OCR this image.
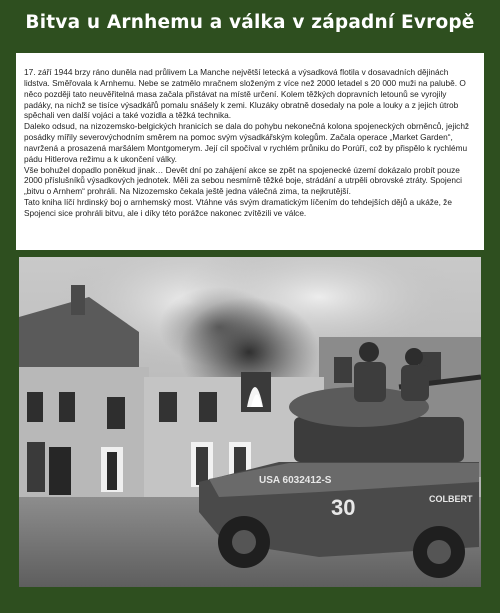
Bitva u Arnhemu a válka v západní Evropě

17. září 1944 brzy ráno duněla nad průlivem La Manche největší letecká a výsadková flotila v dosavadních dějinách lidstva. Směřovala k Arnhemu. Nebe se zatmělo mračnem složeným z více než 2000 letadel s 20 000 muži na palubě. O něco později tato neuvěřitelná masa začala přistávat na místě určení. Kolem těžkých dopravních letounů se vyrojily padáky, na nichž se tisíce výsadkářů pomalu snášely k zemi. Kluzáky obratně dosedaly na pole a louky a z jejich útrob spěchali ven další vojáci a také vozidla a těžká technika.

Daleko odsud, na nizozemsko-belgických hranicích se dala do pohybu nekonečná kolona spojeneckých obrněnců, jejichž posádky mířily severovýchodním směrem na pomoc svým výsadkářským kolegům. Začala operace „Market Garden“, navržená a prosazená maršálem Montgomerym. Její cíl spočíval v rychlém průniku do Porúří, což by přispělo k rychlému pádu Hitlerova režimu a k ukončení války.

Vše bohužel dopadlo poněkud jinak… Devět dní po zahájení akce se zpět na spojenecké území dokázalo probít pouze 2000 příslušníků výsadkových jednotek. Měli za sebou nesmírně těžké boje, strádání a utrpěli obrovské ztráty. Spojenci „bitvu o Arnhem“ prohráli. Na Nizozemsko čekala ještě jedna válečná zima, ta nejkrutější.

Tato kniha líčí hrdinský boj o arnhemský most. Vtáhne vás svým dramatickým líčením do tehdejších dějů a ukáže, že Spojenci sice prohráli bitvu, ale i díky této porážce nakonec zvítězili ve válce.

USA 6032412-S
30	COLBERT
